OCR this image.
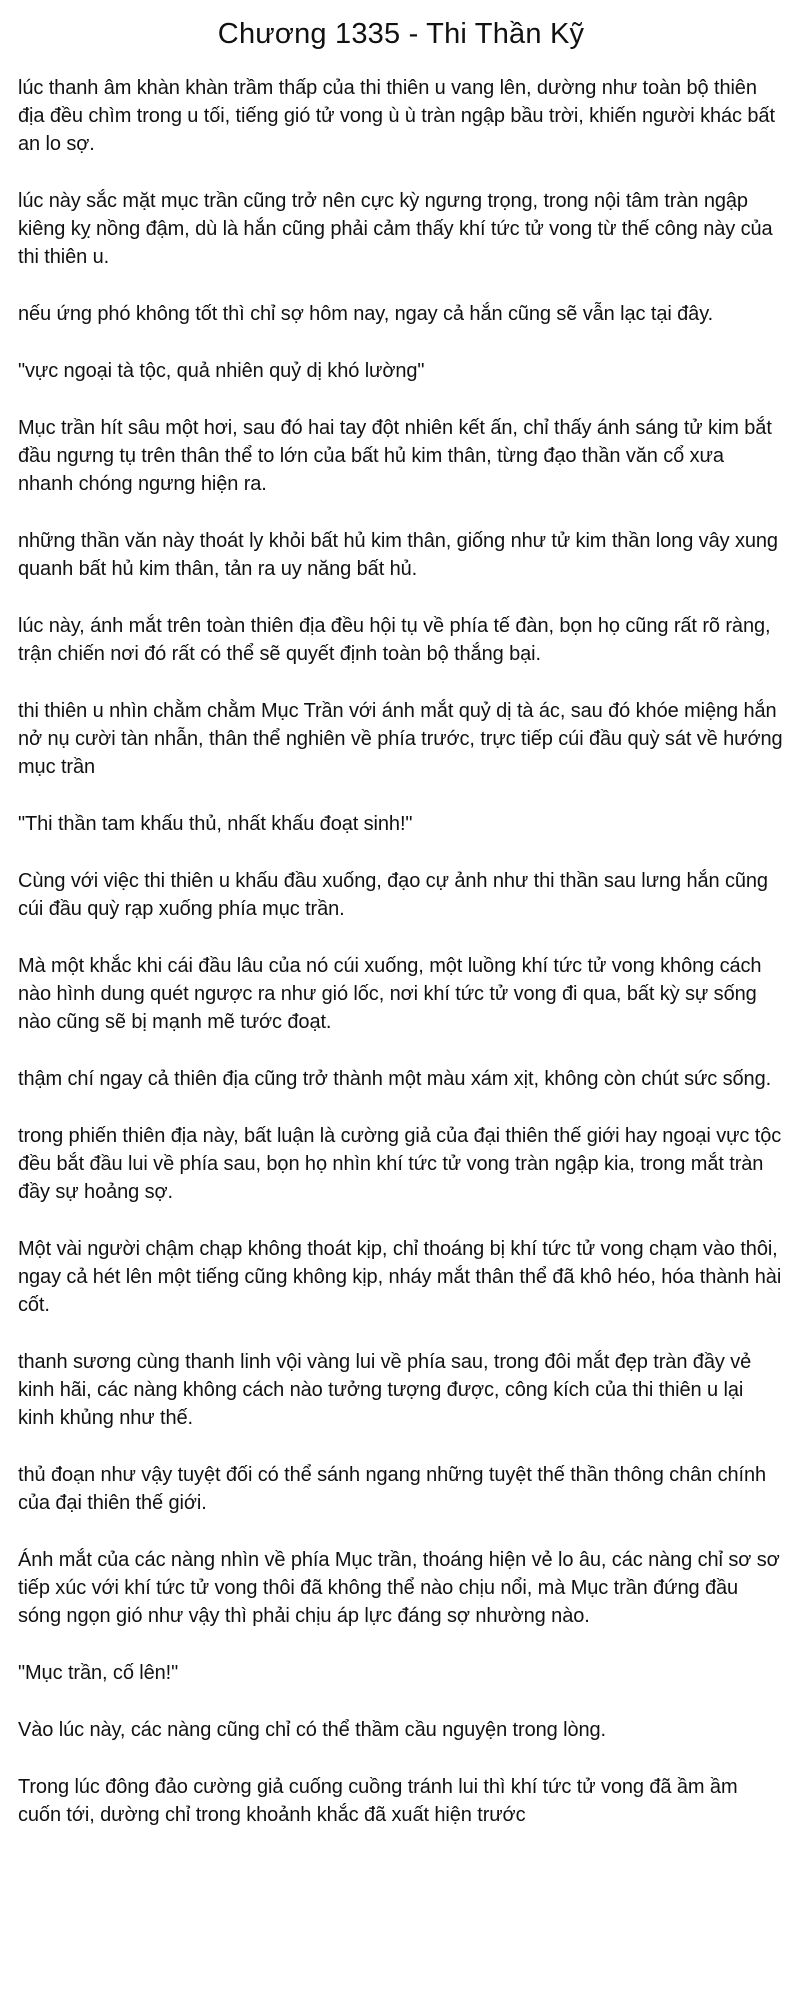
Chương 1335 - Thi Thần Kỹ

lúc thanh âm khàn khàn trầm thấp của thi thiên u vang lên, dường như toàn bộ thiên địa đều chìm trong u tối, tiếng gió tử vong ù ù tràn ngập bầu trời, khiến người khác bất an lo sợ.

lúc này sắc mặt mục trần cũng trở nên cực kỳ ngưng trọng, trong nội tâm tràn ngập kiêng kỵ nồng đậm, dù là hắn cũng phải cảm thấy khí tức tử vong từ thế công này của thi thiên u.

nếu ứng phó không tốt thì chỉ sợ hôm nay, ngay cả hắn cũng sẽ vẫn lạc tại đây.

"vực ngoại tà tộc, quả nhiên quỷ dị khó lường"

Mục trần hít sâu một hơi, sau đó hai tay đột nhiên kết ấn, chỉ thấy ánh sáng tử kim bắt đầu ngưng tụ trên thân thể to lớn của bất hủ kim thân, từng đạo thần văn cổ xưa nhanh chóng ngưng hiện ra.

những thần văn này thoát ly khỏi bất hủ kim thân, giống như tử kim thần long vây xung quanh bất hủ kim thân, tản ra uy năng bất hủ.

lúc này, ánh mắt trên toàn thiên địa đều hội tụ về phía tế đàn, bọn họ cũng rất rõ ràng, trận chiến nơi đó rất có thể sẽ quyết định toàn bộ thắng bại.

thi thiên u nhìn chằm chằm Mục Trần với ánh mắt quỷ dị tà ác, sau đó khóe miệng hắn nở nụ cười tàn nhẫn, thân thể nghiên về phía trước, trực tiếp cúi đầu quỳ sát về hướng mục trần

"Thi thần tam khấu thủ, nhất khấu đoạt sinh!"

Cùng với việc thi thiên u khấu đầu xuống, đạo cự ảnh như thi thần sau lưng hắn cũng cúi đầu quỳ rạp xuống phía mục trần.

Mà một khắc khi cái đầu lâu của nó cúi xuống, một luồng khí tức tử vong không cách nào hình dung quét ngược ra như gió lốc, nơi khí tức tử vong đi qua, bất kỳ sự sống nào cũng sẽ bị mạnh mẽ tước đoạt.

thậm chí ngay cả thiên địa cũng trở thành một màu xám xịt, không còn chút sức sống.

trong phiến thiên địa này, bất luận là cường giả của đại thiên thế giới hay ngoại vực tộc đều bắt đầu lui về phía sau, bọn họ nhìn khí tức tử vong tràn ngập kia, trong mắt tràn đầy sự hoảng sợ.

Một vài người chậm chạp không thoát kịp, chỉ thoáng bị khí tức tử vong chạm vào thôi, ngay cả hét lên một tiếng cũng không kịp, nháy mắt thân thể đã khô héo, hóa thành hài cốt.

thanh sương cùng thanh linh vội vàng lui về phía sau, trong đôi mắt đẹp tràn đầy vẻ kinh hãi, các nàng không cách nào tưởng tượng được, công kích của thi thiên u lại kinh khủng như thế.

thủ đoạn như vậy tuyệt đối có thể sánh ngang những tuyệt thế thần thông chân chính của đại thiên thế giới.

Ánh mắt của các nàng nhìn về phía Mục trần, thoáng hiện vẻ lo âu, các nàng chỉ sơ sơ tiếp xúc với khí tức tử vong thôi đã không thể nào chịu nổi, mà Mục trần đứng đầu sóng ngọn gió như vậy thì phải chịu áp lực đáng sợ nhường nào.

"Mục trần, cố lên!"

Vào lúc này, các nàng cũng chỉ có thể thầm cầu nguyện trong lòng.

Trong lúc đông đảo cường giả cuống cuồng tránh lui thì khí tức tử vong đã ầm ầm cuốn tới, dường chỉ trong khoảnh khắc đã xuất hiện trước
